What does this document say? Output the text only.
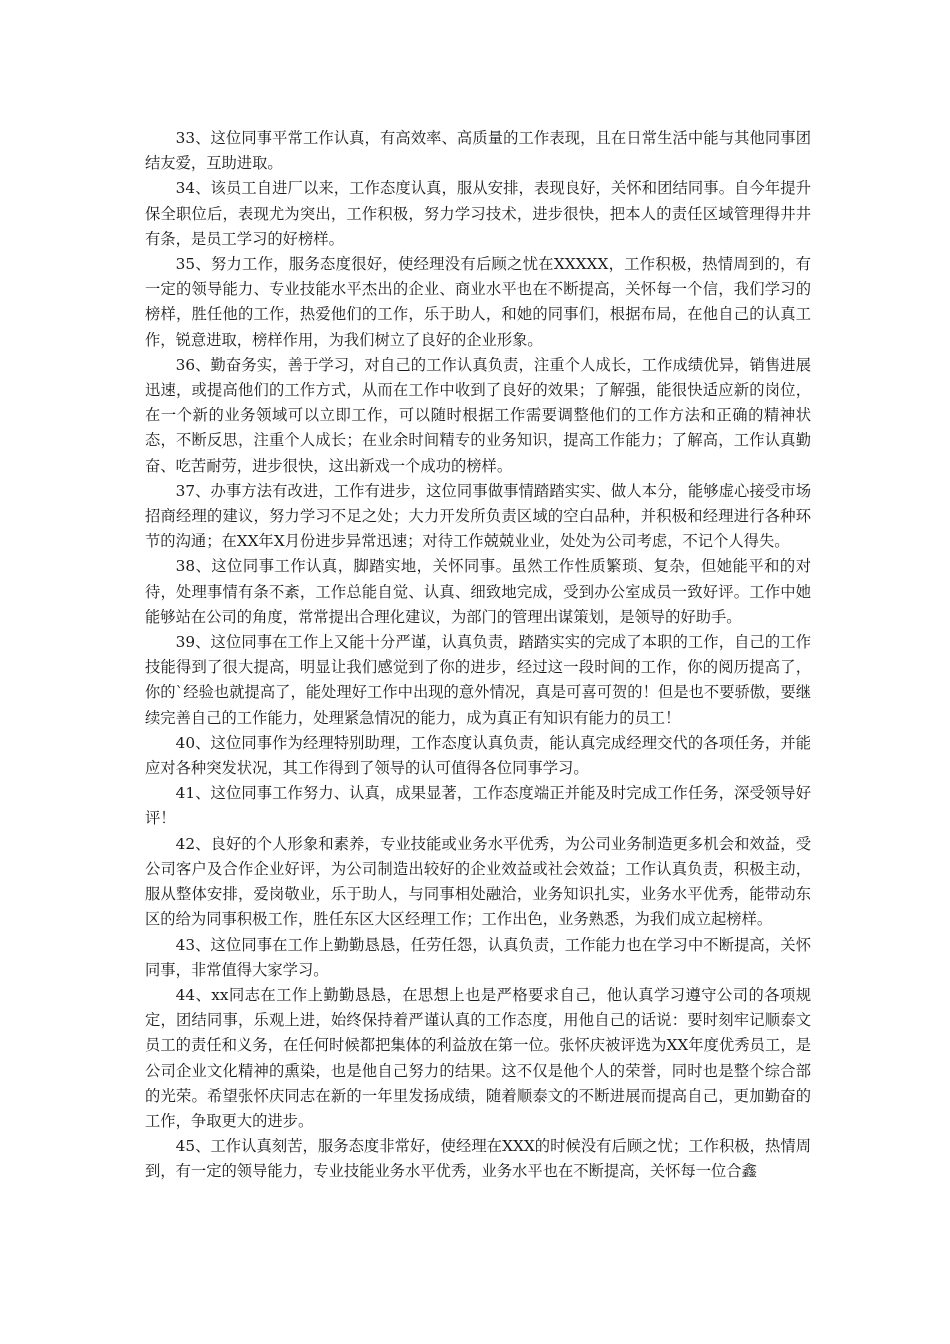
33、这位同事平常工作认真，有高效率、高质量的工作表现，且在日常生活中能与其他同事团结友爱，互助进取。

34、该员工自进厂以来，工作态度认真，服从安排，表现良好，关怀和团结同事。自今年提升保全职位后，表现尤为突出，工作积极，努力学习技术，进步很快，把本人的责任区域管理得井井有条，是员工学习的好榜样。

35、努力工作，服务态度很好，使经理没有后顾之忧在XXXXX，工作积极，热情周到的，有一定的领导能力、专业技能水平杰出的企业、商业水平也在不断提高，关怀每一个信，我们学习的榜样，胜任他的工作，热爱他们的工作，乐于助人，和她的同事们，根据布局，在他自己的认真工作，锐意进取，榜样作用，为我们树立了良好的企业形象。

36、勤奋务实，善于学习，对自己的工作认真负责，注重个人成长，工作成绩优异，销售进展迅速，或提高他们的工作方式，从而在工作中收到了良好的效果；了解强，能很快适应新的岗位，在一个新的业务领域可以立即工作，可以随时根据工作需要调整他们的工作方法和正确的精神状态，不断反思，注重个人成长；在业余时间精专的业务知识，提高工作能力；了解高，工作认真勤奋、吃苦耐劳，进步很快，这出新戏一个成功的榜样。

37、办事方法有改进，工作有进步，这位同事做事情踏踏实实、做人本分，能够虚心接受市场招商经理的建议，努力学习不足之处；大力开发所负责区域的空白品种，并积极和经理进行各种环节的沟通；在XX年X月份进步异常迅速；对待工作兢兢业业，处处为公司考虑，不记个人得失。

38、这位同事工作认真，脚踏实地，关怀同事。虽然工作性质繁琐、复杂，但她能平和的对待，处理事情有条不紊，工作总能自觉、认真、细致地完成，受到办公室成员一致好评。工作中她能够站在公司的角度，常常提出合理化建议，为部门的管理出谋策划，是领导的好助手。

39、这位同事在工作上又能十分严谨，认真负责，踏踏实实的完成了本职的工作，自己的工作技能得到了很大提高，明显让我们感觉到了你的进步，经过这一段时间的工作，你的阅历提高了，你的`经验也就提高了，能处理好工作中出现的意外情况，真是可喜可贺的！但是也不要骄傲，要继续完善自己的工作能力，处理紧急情况的能力，成为真正有知识有能力的员工！

40、这位同事作为经理特别助理，工作态度认真负责，能认真完成经理交代的各项任务，并能应对各种突发状况，其工作得到了领导的认可值得各位同事学习。

41、这位同事工作努力、认真，成果显著，工作态度端正并能及时完成工作任务，深受领导好评！

42、良好的个人形象和素养，专业技能或业务水平优秀，为公司业务制造更多机会和效益，受公司客户及合作企业好评，为公司制造出较好的企业效益或社会效益；工作认真负责，积极主动，服从整体安排，爱岗敬业，乐于助人，与同事相处融洽，业务知识扎实，业务水平优秀，能带动东区的给为同事积极工作，胜任东区大区经理工作；工作出色，业务熟悉，为我们成立起榜样。

43、这位同事在工作上勤勤恳恳，任劳任怨，认真负责，工作能力也在学习中不断提高，关怀同事，非常值得大家学习。

44、xx同志在工作上勤勤恳恳，在思想上也是严格要求自己，他认真学习遵守公司的各项规定，团结同事，乐观上进，始终保持着严谨认真的工作态度，用他自己的话说：要时刻牢记顺泰文员工的责任和义务，在任何时候都把集体的利益放在第一位。张怀庆被评选为XX年度优秀员工，是公司企业文化精神的熏染，也是他自己努力的结果。这不仅是他个人的荣誉，同时也是整个综合部的光荣。希望张怀庆同志在新的一年里发扬成绩，随着顺泰文的不断进展而提高自己，更加勤奋的工作，争取更大的进步。

45、工作认真刻苦，服务态度非常好，使经理在XXX的时候没有后顾之忧；工作积极，热情周到，有一定的领导能力，专业技能业务水平优秀，业务水平也在不断提高，关怀每一位合鑫
